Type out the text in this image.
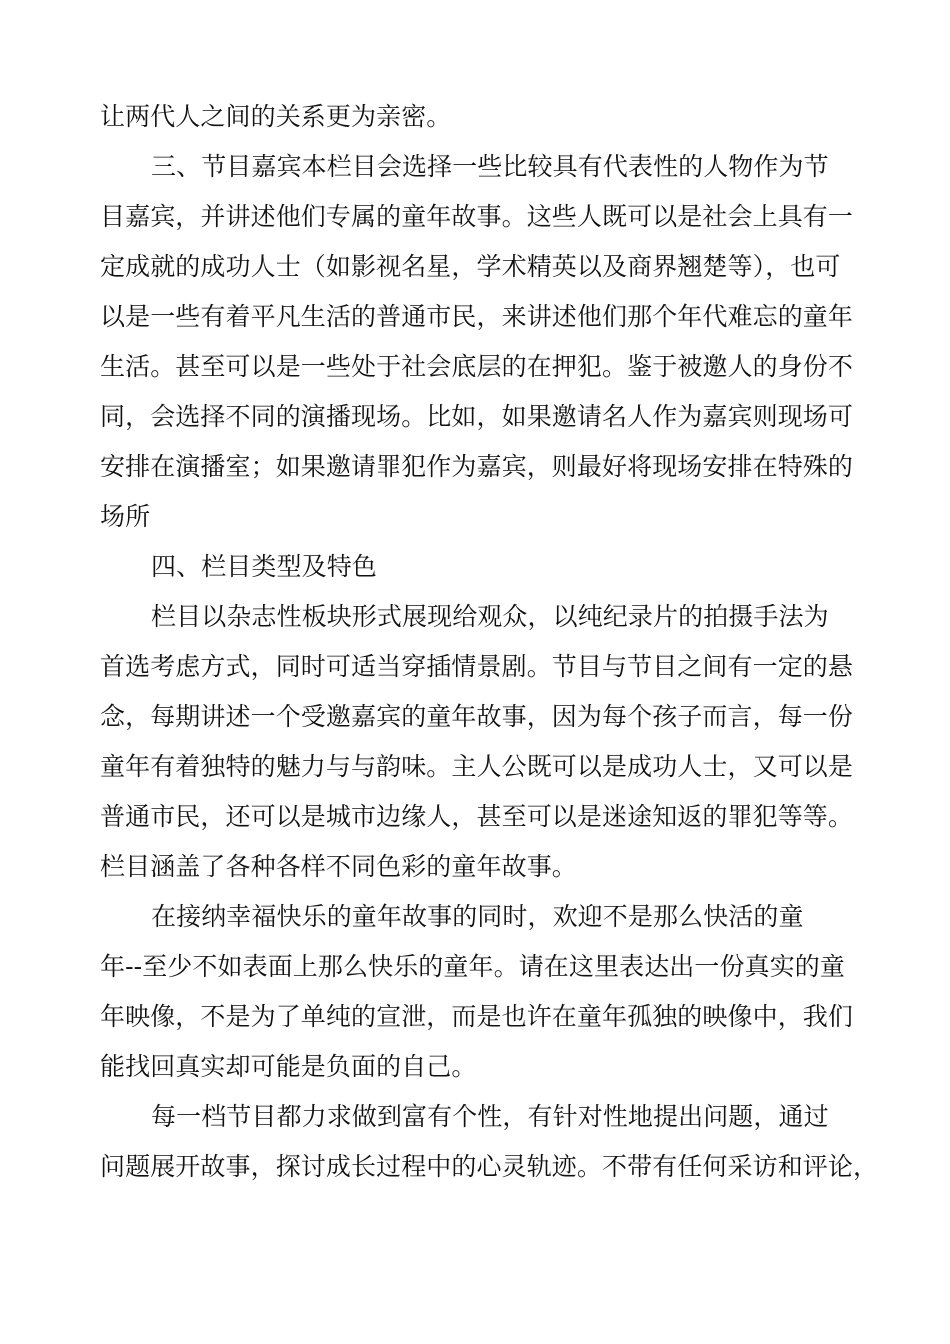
让两代人之间的关系更为亲密。
三、节目嘉宾本栏目会选择一些比较具有代表性的人物作为节
目嘉宾，并讲述他们专属的童年故事。这些人既可以是社会上具有一
定成就的成功人士（如影视名星，学术精英以及商界翘楚等），也可
以是一些有着平凡生活的普通市民，来讲述他们那个年代难忘的童年
生活。甚至可以是一些处于社会底层的在押犯。鉴于被邀人的身份不
同，会选择不同的演播现场。比如，如果邀请名人作为嘉宾则现场可
安排在演播室；如果邀请罪犯作为嘉宾，则最好将现场安排在特殊的
场所
四、栏目类型及特色
栏目以杂志性板块形式展现给观众，以纯纪录片的拍摄手法为
首选考虑方式，同时可适当穿插情景剧。节目与节目之间有一定的悬
念，每期讲述一个受邀嘉宾的童年故事，因为每个孩子而言，每一份
童年有着独特的魅力与与韵味。主人公既可以是成功人士，又可以是
普通市民，还可以是城市边缘人，甚至可以是迷途知返的罪犯等等。
栏目涵盖了各种各样不同色彩的童年故事。
在接纳幸福快乐的童年故事的同时，欢迎不是那么快活的童
年--至少不如表面上那么快乐的童年。请在这里表达出一份真实的童
年映像，不是为了单纯的宣泄，而是也许在童年孤独的映像中，我们
能找回真实却可能是负面的自己。
每一档节目都力求做到富有个性，有针对性地提出问题，通过
问题展开故事，探讨成长过程中的心灵轨迹。不带有任何采访和评论，
